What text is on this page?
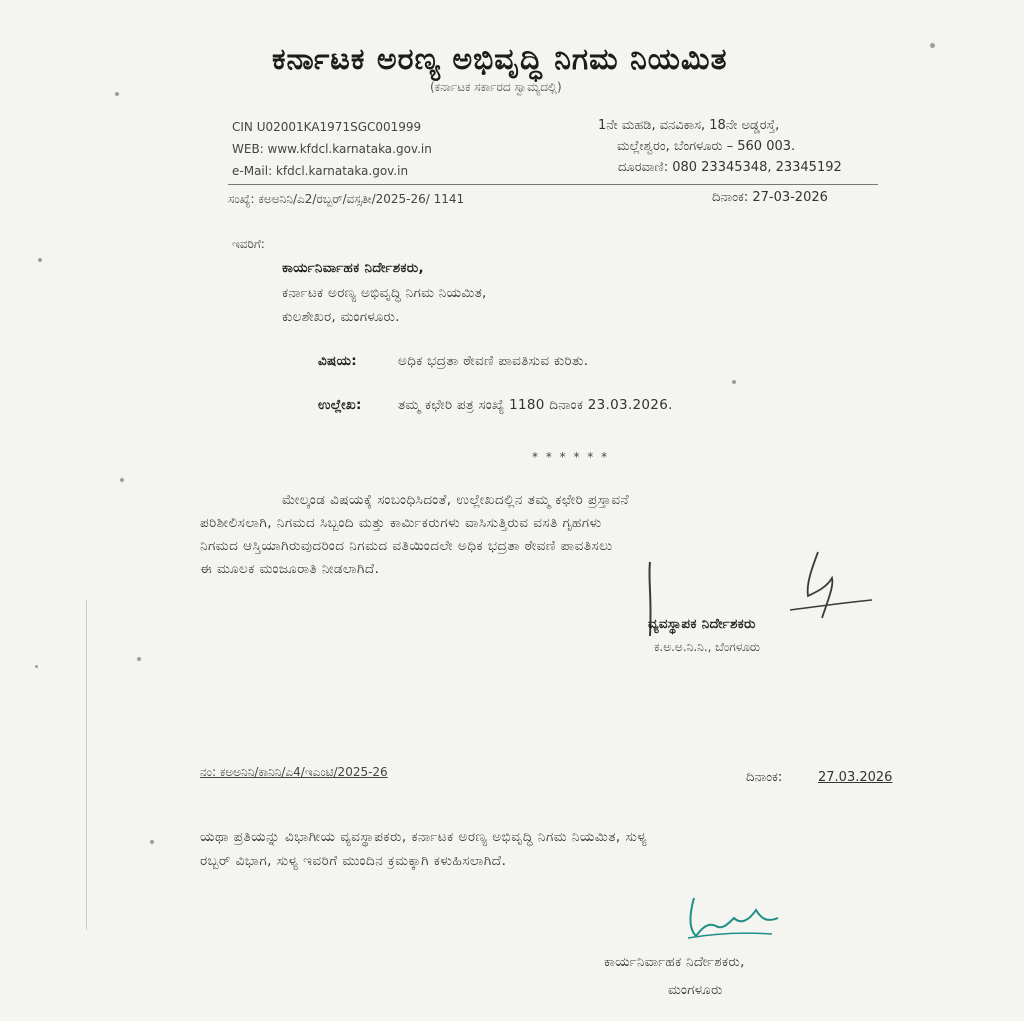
ಕರ್ನಾಟಕ ಅರಣ್ಯ ಅಭಿವೃದ್ಧಿ ನಿಗಮ ನಿಯಮಿತ
(ಕರ್ನಾಟಕ ಸರ್ಕಾರದ ಸ್ವಾಮ್ಯದಲ್ಲಿ)
CIN U02001KA1971SGC001999
WEB: www.kfdcl.karnataka.gov.in
e-Mail: kfdcl.karnataka.gov.in
1ನೇ ಮಹಡಿ, ವನವಿಕಾಸ, 18ನೇ ಅಡ್ಡರಸ್ತೆ,
ಮಲ್ಲೇಶ್ವರಂ, ಬೆಂಗಳೂರು – 560 003.
ದೂರವಾಣಿ: 080 23345348, 23345192
ಸಂಖ್ಯೆ: ಕಅಅನಿನಿ/ಎ2/ರಬ್ಬರ್/ವಸ್ಸತೀ/2025-26/ 1141	ದಿನಾಂಕ: 27-03-2026
ಇವರಿಗೆ:
ಕಾರ್ಯನಿರ್ವಾಹಕ ನಿರ್ದೇಶಕರು,
ಕರ್ನಾಟಕ ಅರಣ್ಯ ಅಭಿವೃದ್ಧಿ ನಿಗಮ ನಿಯಮಿತ,
ಕುಲಶೇಖರ, ಮಂಗಳೂರು.
ವಿಷಯ:	ಅಧಿಕ ಭದ್ರತಾ ಠೇವಣಿ ಪಾವತಿಸುವ ಕುರಿತು.
ಉಲ್ಲೇಖ:	ತಮ್ಮ ಕಛೇರಿ ಪತ್ರ ಸಂಖ್ಯೆ 1180 ದಿನಾಂಕ 23.03.2026.
* * * * * *
ಮೇಲ್ಕಂಡ ವಿಷಯಕ್ಕೆ ಸಂಬಂಧಿಸಿದಂತೆ, ಉಲ್ಲೇಖದಲ್ಲಿನ ತಮ್ಮ ಕಛೇರಿ ಪ್ರಸ್ತಾವನೆ
ಪರಿಶೀಲಿಸಲಾಗಿ, ನಿಗಮದ ಸಿಬ್ಬಂದಿ ಮತ್ತು ಕಾರ್ಮಿಕರುಗಳು ವಾಸಿಸುತ್ತಿರುವ ವಸತಿ ಗೃಹಗಳು
ನಿಗಮದ ಆಸ್ತಿಯಾಗಿರುವುದರಿಂದ ನಿಗಮದ ವತಿಯಿಂದಲೇ ಅಧಿಕ ಭದ್ರತಾ ಠೇವಣಿ ಪಾವತಿಸಲು
ಈ ಮೂಲಕ ಮಂಜೂರಾತಿ ನೀಡಲಾಗಿದೆ.
ವ್ಯವಸ್ಥಾಪಕ ನಿರ್ದೇಶಕರು
ಕ.ಅ.ಅ.ನಿ.ನಿ., ಬೆಂಗಳೂರು
ನಂ: ಕಅಅನಿನಿ/ಕಾನಿನಿ/ಎ4/ಇಎಂಟಿ/2025-26	ದಿನಾಂಕ:	27.03.2026
ಯಥಾ ಪ್ರತಿಯನ್ನು ವಿಭಾಗೀಯ ವ್ಯವಸ್ಥಾಪಕರು, ಕರ್ನಾಟಕ ಅರಣ್ಯ ಅಭಿವೃದ್ಧಿ ನಿಗಮ ನಿಯಮಿತ, ಸುಳ್ಯ
ರಬ್ಬರ್ ವಿಭಾಗ, ಸುಳ್ಯ ಇವರಿಗೆ ಮುಂದಿನ ಕ್ರಮಕ್ಕಾಗಿ ಕಳುಹಿಸಲಾಗಿದೆ.
ಕಾರ್ಯನಿರ್ವಾಹಕ ನಿರ್ದೇಶಕರು,
ಮಂಗಳೂರು
